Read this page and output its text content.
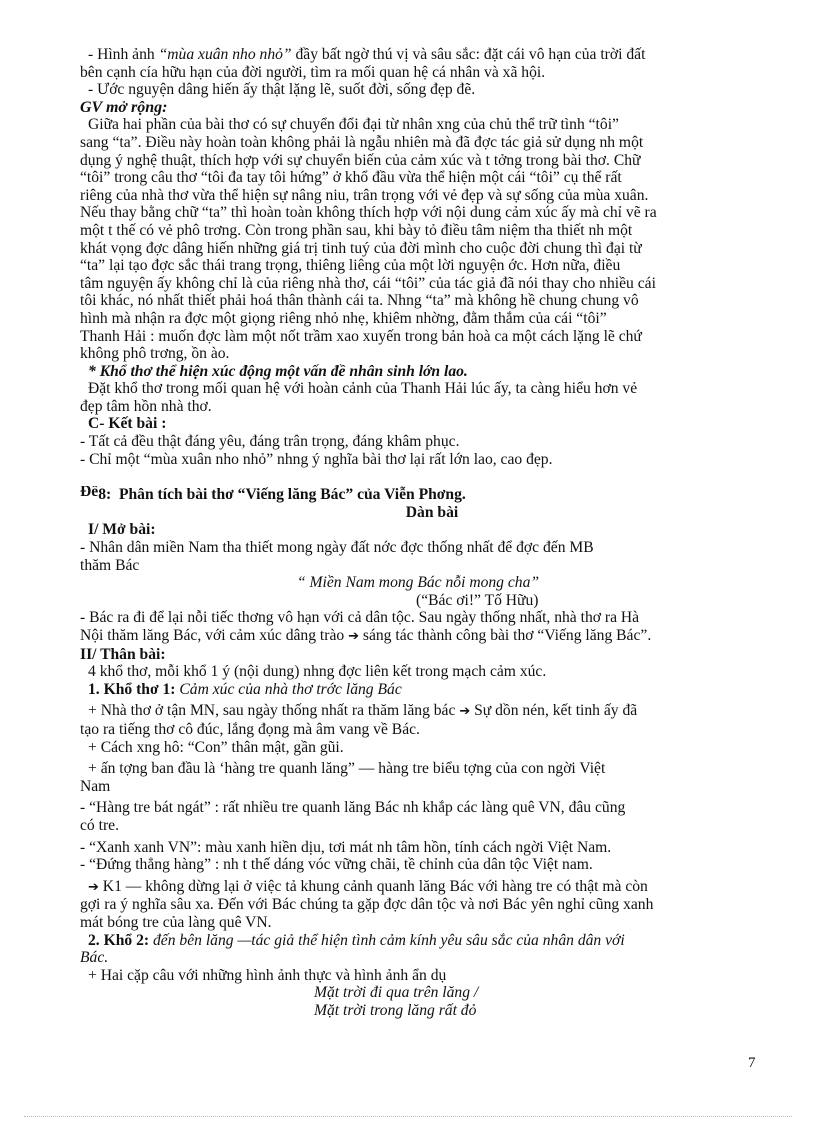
- Hình ảnh “mùa xuân nho nhỏ” đầy bất ngờ thú vị và sâu sắc: đặt cái vô hạn của trời đất
bên cạnh cía hữu hạn của đời người, tìm ra mối quan hệ cá nhân và xã hội.
- Ước nguyện dâng hiến ấy thật lặng lẽ, suốt đời, sống đẹp đẽ.
GV mở rộng:
Giữa hai phần của bài thơ có sự chuyển đổi đại từ nhân xng của chủ thể trữ tình “tôi”
sang “ta”. Điều này hoàn toàn không phải là ngẫu nhiên mà đã đợc tác giả sử dụng nh một
dụng ý nghệ thuật, thích hợp với sự chuyển biến của cảm xúc và t tởng trong bài thơ. Chữ
“tôi” trong câu thơ “tôi đa tay tôi hứng” ở khổ đầu vừa thể hiện một cái “tôi” cụ thể rất
riêng của nhà thơ vừa thể hiện sự nâng niu, trân trọng với vẻ đẹp và sự sống của mùa xuân.
Nếu thay bằng chữ “ta” thì hoàn toàn không thích hợp với nội dung cảm xúc ấy mà chỉ vẽ ra
một t thế có vẻ phô trơng. Còn trong phần sau, khi bày tỏ điều tâm niệm tha thiết nh một
khát vọng đợc dâng hiến những giá trị tinh tuý của đời mình cho cuộc đời chung thì đại từ
“ta” lại tạo đợc sắc thái trang trọng, thiêng liêng của một lời nguyện ớc. Hơn nữa, điều
tâm nguyện ấy không chỉ là của riêng nhà thơ, cái “tôi” của tác giả đã nói thay cho nhiều cái
tôi khác, nó nhất thiết phải hoá thân thành cái ta. Nhng “ta” mà không hề chung chung vô
hình mà nhận ra đợc một giọng riêng nhỏ nhẹ, khiêm nhờng, đằm thắm của cái “tôi”
Thanh Hải : muốn đợc làm một nốt trầm xao xuyến trong bản hoà ca một cách lặng lẽ chứ
không phô trơng, ồn ào.
* Khổ thơ thể hiện xúc động một vấn đề nhân sinh lớn lao.
Đặt khổ thơ trong mối quan hệ với hoàn cảnh của Thanh Hải lúc ấy, ta càng hiểu hơn vẻ
đẹp tâm hồn nhà thơ.
C- Kết bài :
- Tất cả đều thật đáng yêu, đáng trân trọng, đáng khâm phục.
- Chỉ một “mùa xuân nho nhỏ” nhng ý nghĩa bài thơ lại rất lớn lao, cao đẹp.
Đề8: Phân tích bài thơ “Viếng lăng Bác” của Viễn Phơng.
Dàn bài
I/ Mở bài:
- Nhân dân miền Nam tha thiết mong ngày đất nớc đợc thống nhất để đợc đến MB
thăm Bác
“ Miền Nam mong Bác nỗi mong cha”
(“Bác ơi!” Tố Hữu)
- Bác ra đi để lại nỗi tiếc thơng vô hạn với cả dân tộc. Sau ngày thống nhất, nhà thơ ra Hà
Nội thăm lăng Bác, với cảm xúc dâng trào ➔ sáng tác thành công bài thơ “Viếng lăng Bác”.
II/ Thân bài:
4 khổ thơ, mỗi khổ 1 ý (nội dung) nhng đợc liên kết trong mạch cảm xúc.
1. Khổ thơ 1: Cảm xúc của nhà thơ trớc lăng Bác
+ Nhà thơ ở tận MN, sau ngày thống nhất ra thăm lăng bác ➔ Sự dồn nén, kết tinh ấy đã
tạo ra tiếng thơ cô đúc, lắng đọng mà âm vang về Bác.
+ Cách xng hô: “Con” thân mật, gần gũi.
+ ấn tợng ban đầu là ‘hàng tre quanh lăng” — hàng tre biểu tợng của con ngời Việt
Nam
- “Hàng tre bát ngát” : rất nhiều tre quanh lăng Bác nh khắp các làng quê VN, đâu cũng
có tre.
- “Xanh xanh VN”: màu xanh hiền dịu, tơi mát nh tâm hồn, tính cách ngời Việt Nam.
- “Đứng thẳng hàng” : nh t thế dáng vóc vững chãi, tề chỉnh của dân tộc Việt nam.
➔ K1 — không dừng lại ở việc tả khung cảnh quanh lăng Bác với hàng tre có thật mà còn
gợi ra ý nghĩa sâu xa. Đến với Bác chúng ta gặp đợc dân tộc và nơi Bác yên nghỉ cũng xanh
mát bóng tre của làng quê VN.
2. Khổ 2: đến bên lăng —tác giả thể hiện tình cảm kính yêu sâu sắc của nhân dân với
Bác.
+ Hai cặp câu với những hình ảnh thực và hình ảnh ẩn dụ
Mặt trời đi qua trên lăng /
Mặt trời trong lăng rất đỏ
7
